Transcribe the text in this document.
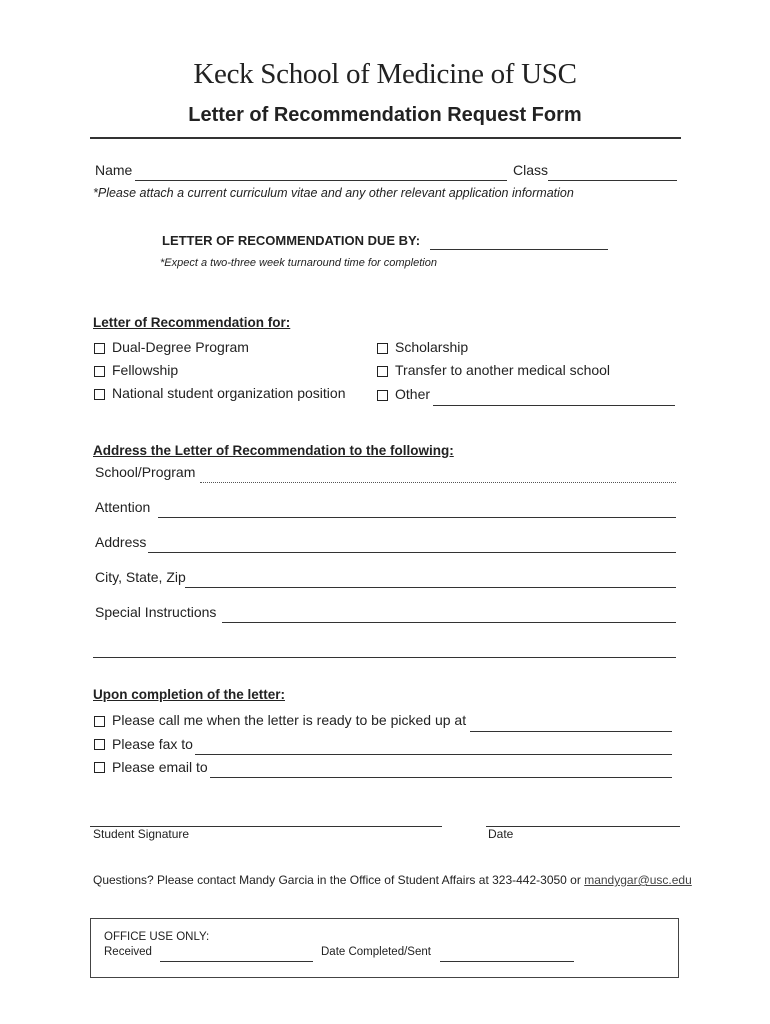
Keck School of Medicine of USC
Letter of Recommendation Request Form
Name	Class
*Please attach a current curriculum vitae and any other relevant application information
LETTER OF RECOMMENDATION DUE BY:
*Expect a two-three week turnaround time for completion
Letter of Recommendation for:
Dual-Degree Program
Fellowship
National student organization position
Scholarship
Transfer to another medical school
Other
Address the Letter of Recommendation to the following:
School/Program
Attention
Address
City, State, Zip
Special Instructions
Upon completion of the letter:
Please call me when the letter is ready to be picked up at
Please fax to
Please email to
Student Signature	Date
Questions? Please contact Mandy Garcia in the Office of Student Affairs at 323-442-3050 or mandygar@usc.edu
OFFICE USE ONLY:
Received	Date Completed/Sent
